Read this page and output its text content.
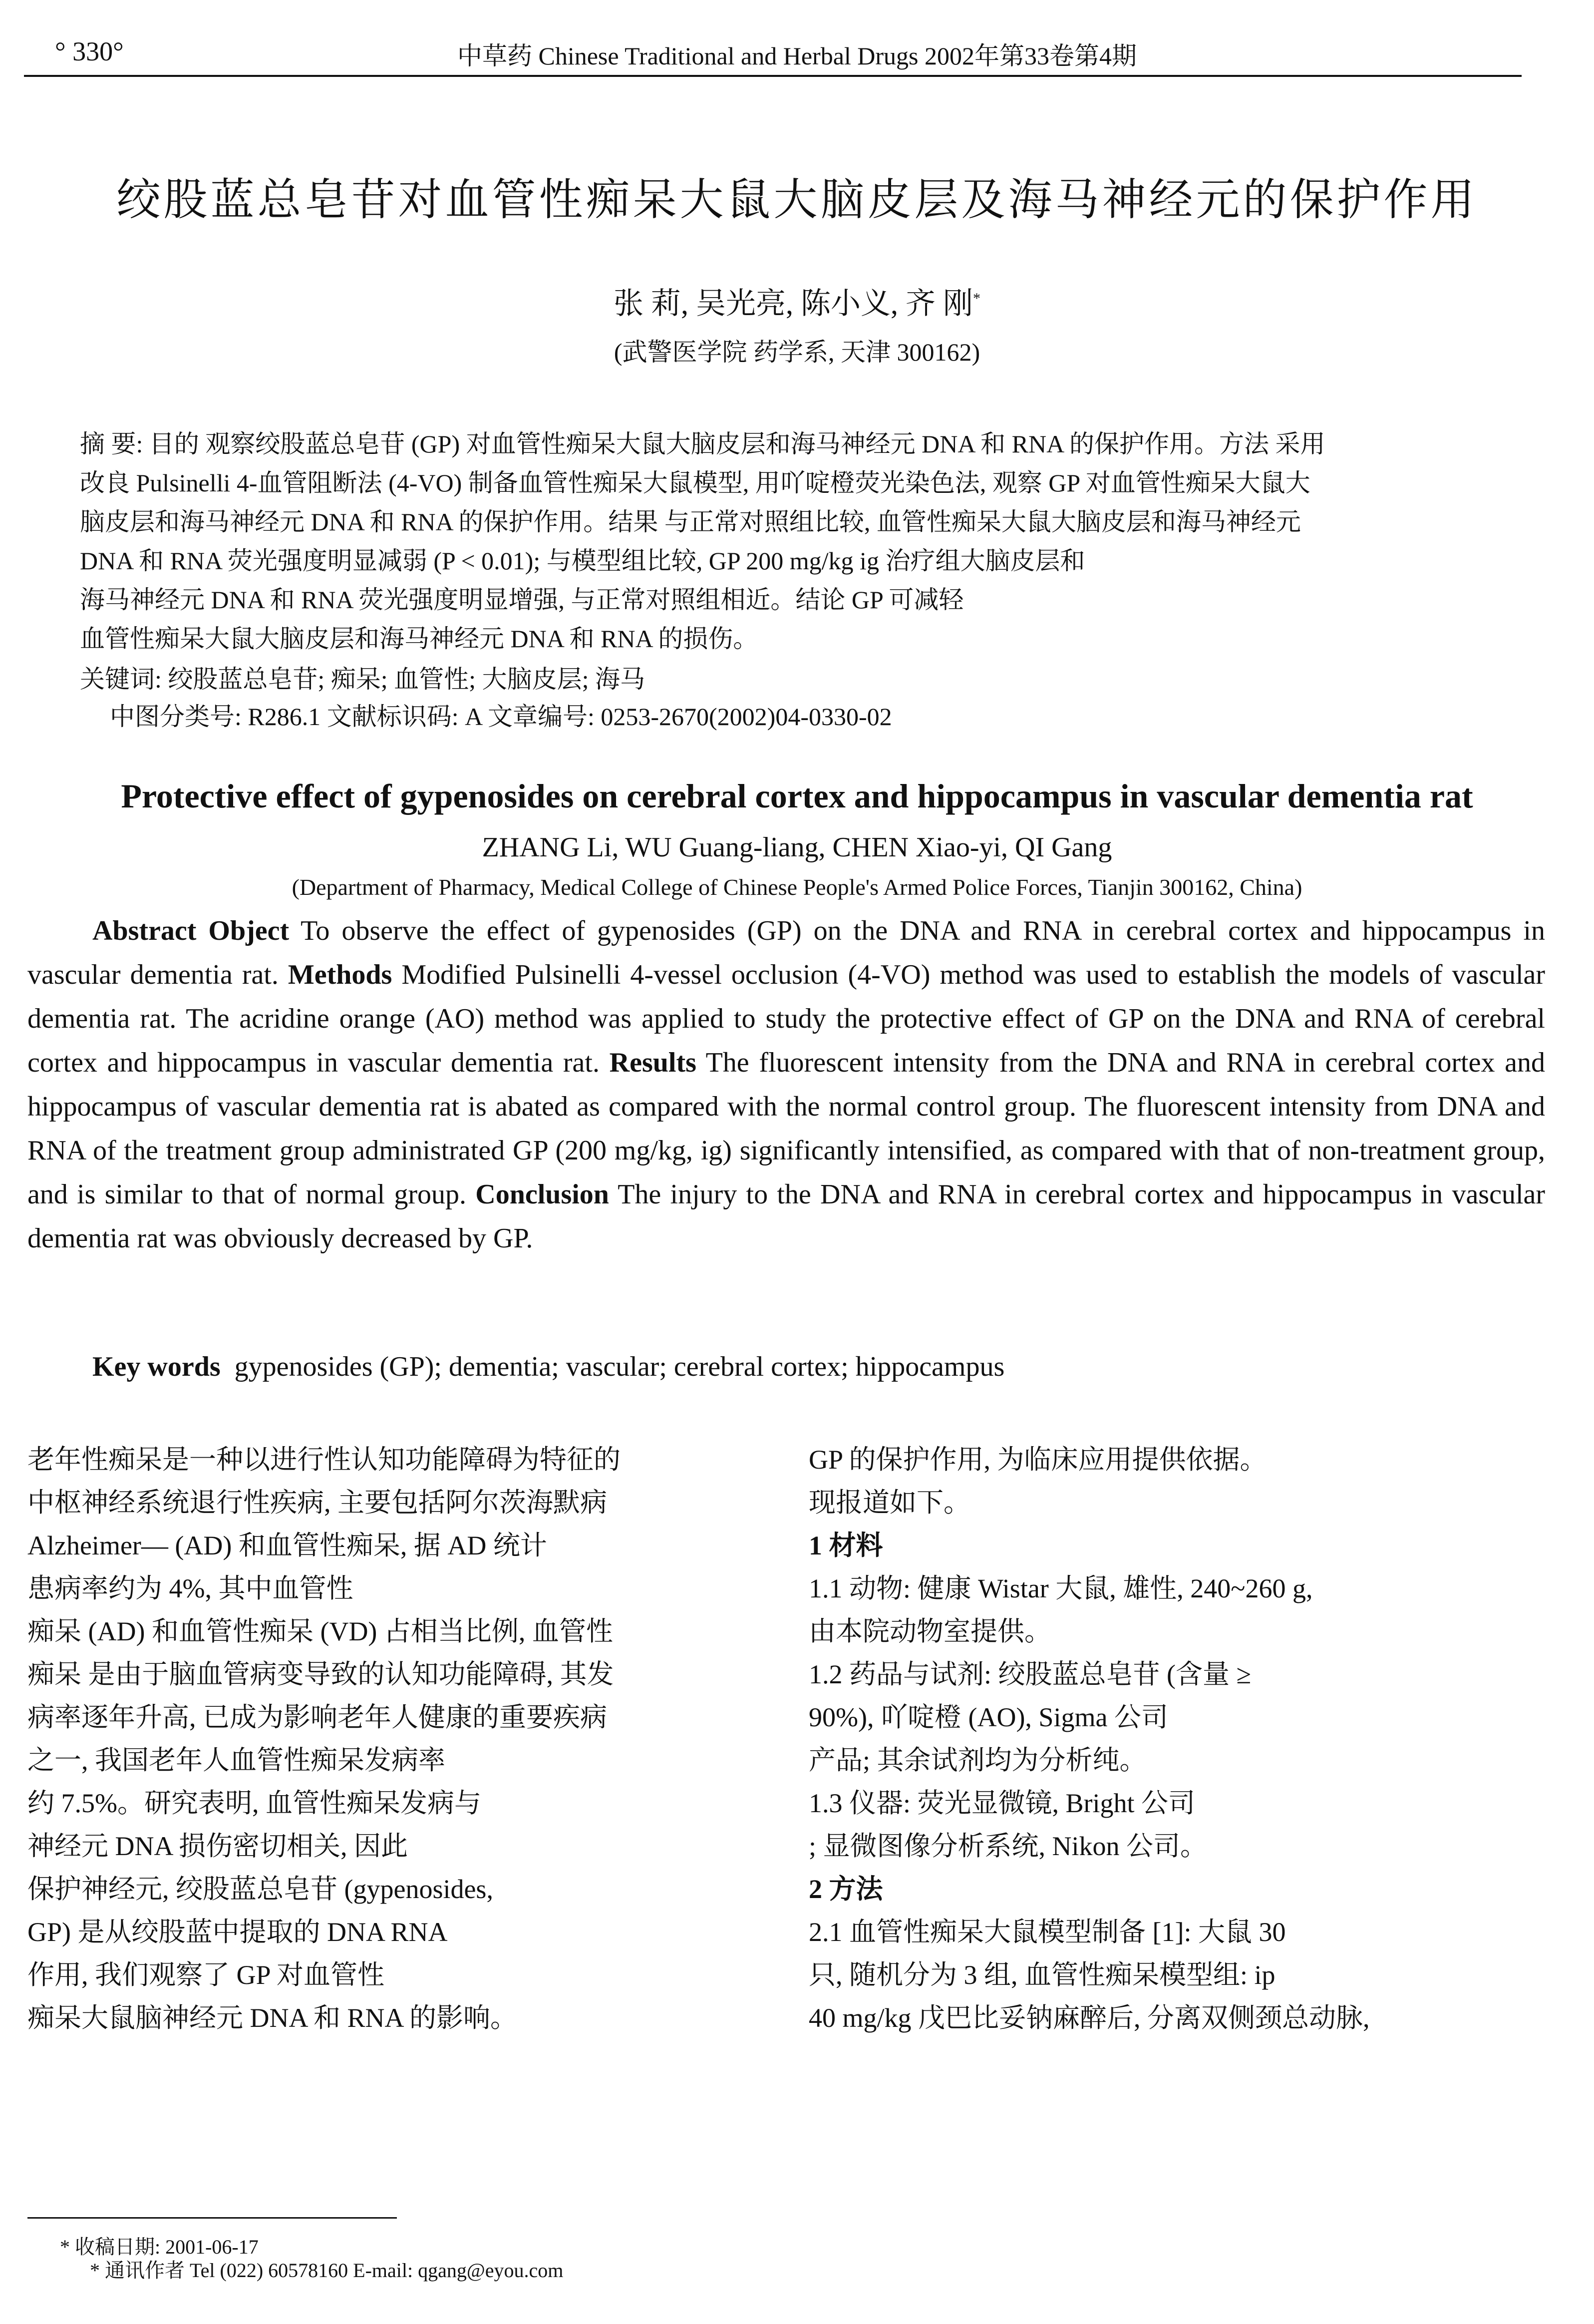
° 330°	中草药 Chinese Traditional and Herbal Drugs 2002年第33卷第4期
绞股蓝总皂苷对血管性痴呆大鼠大脑皮层及海马神经元的保护作用
张 莉, 吴光亮, 陈小义, 齐 刚*
(武警医学院 药学系, 天津 300162)
摘 要: 目的 观察绞股蓝总皂苷 (GP) 对血管性痴呆大鼠大脑皮层和海马神经元 DNA 和 RNA 的保护作用。方法 采用
改良 Pulsinelli 4-血管阻断法 (4-VO) 制备血管性痴呆大鼠模型, 用吖啶橙荧光染色法, 观察 GP 对血管性痴呆大鼠大
脑皮层和海马神经元 DNA 和 RNA 的保护作用。结果 与正常对照组比较, 血管性痴呆大鼠大脑皮层和海马神经元
DNA 和 RNA 荧光强度明显减弱 (P < 0.01); 与模型组比较, GP 200 mg/kg ig 治疗组大脑皮层和
海马神经元 DNA 和 RNA 荧光强度明显增强, 与正常对照组相近。结论 GP 可减轻
血管性痴呆大鼠大脑皮层和海马神经元 DNA 和 RNA 的损伤。
关键词: 绞股蓝总皂苷; 痴呆; 血管性; 大脑皮层; 海马
中图分类号: R286.1 文献标识码: A 文章编号: 0253-2670(2002)04-0330-02
Protective effect of gypenosides on cerebral cortex and hippocampus in vascular dementia rat
ZHANG Li, WU Guang-liang, CHEN Xiao-yi, QI Gang
(Department of Pharmacy, Medical College of Chinese People's Armed Police Forces, Tianjin 300162, China)

Abstract Object To observe the effect of gypenosides (GP) on the DNA and RNA in cerebral cortex and hippocampus in vascular dementia rat. Methods Modified Pulsinelli 4-vessel occlusion (4-VO) method was used to establish the models of vascular dementia rat. The acridine orange (AO) method was applied to study the protective effect of GP on the DNA and RNA of cerebral cortex and hippocampus in vascular dementia rat. Results The fluorescent intensity from the DNA and RNA in cerebral cortex and hippocampus of vascular dementia rat is abated as compared with the normal control group. The fluorescent intensity from DNA and RNA of the treatment group administrated GP (200 mg/kg, ig) significantly intensified, as compared with that of non-treatment group, and is similar to that of normal group. Conclusion The injury to the DNA and RNA in cerebral cortex and hippocampus in vascular dementia rat was obviously decreased by GP.

Key words gypenosides (GP); dementia; vascular; cerebral cortex; hippocampus
老年性痴呆是一种以进行性认知功能障碍为特征的
中枢神经系统退行性疾病, 主要包括阿尔茨海默病
Alzheimer— (AD) 和血管性痴呆, 据 AD 统计
患病率约为 4%, 其中血管性
痴呆 (AD) 和血管性痴呆 (VD) 占相当比例, 血管性
痴呆 是由于脑血管病变导致的认知功能障碍, 其发
病率逐年升高, 已成为影响老年人健康的重要疾病
之一, 我国老年人血管性痴呆发病率
约 7.5%。研究表明, 血管性痴呆发病与
神经元 DNA 损伤密切相关, 因此
保护神经元, 绞股蓝总皂苷 (gypenosides,
GP) 是从绞股蓝中提取的 DNA RNA
作用, 我们观察了 GP 对血管性
痴呆大鼠脑神经元 DNA 和 RNA 的影响。
GP 的保护作用, 为临床应用提供依据。
现报道如下。
1 材料
1.1 动物: 健康 Wistar 大鼠, 雄性, 240~260 g,
由本院动物室提供。
1.2 药品与试剂: 绞股蓝总皂苷 (含量 ≥
90%), 吖啶橙 (AO), Sigma 公司
产品; 其余试剂均为分析纯。
1.3 仪器: 荧光显微镜, Bright 公司
; 显微图像分析系统, Nikon 公司。
2 方法
2.1 血管性痴呆大鼠模型制备 [1]: 大鼠 30
只, 随机分为 3 组, 血管性痴呆模型组: ip
40 mg/kg 戊巴比妥钠麻醉后, 分离双侧颈总动脉,
* 收稿日期: 2001-06-17
* 通讯作者 Tel (022) 60578160 E-mail: qgang@eyou.com
